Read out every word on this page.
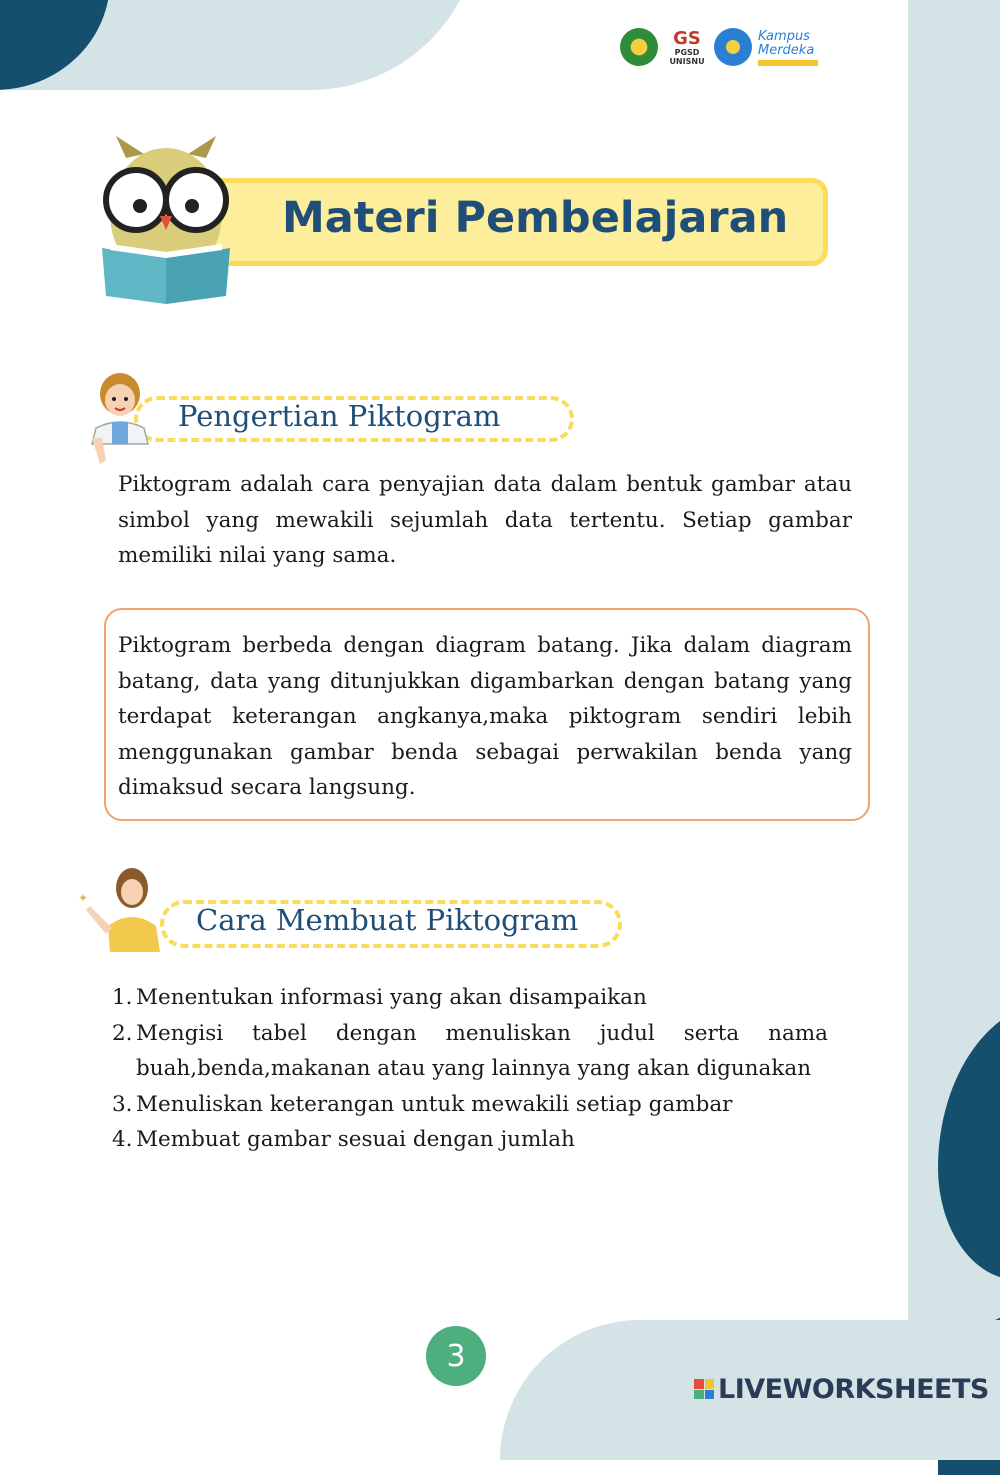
GS
PGSD
UNISNU
Kampus
Merdeka
Materi Pembelajaran
Pengertian Piktogram

Piktogram adalah cara penyajian data dalam bentuk gambar atau simbol yang mewakili sejumlah data tertentu. Setiap gambar memiliki nilai yang sama.

Piktogram berbeda dengan diagram batang. Jika dalam diagram batang, data yang ditunjukkan digambarkan dengan batang yang terdapat keterangan angkanya,maka piktogram sendiri lebih menggunakan gambar benda sebagai perwakilan benda yang dimaksud secara langsung.

Cara Membuat Piktogram
✦
1. Menentukan informasi yang akan disampaikan
2. Mengisi tabel dengan menuliskan judul serta nama buah,benda,makanan atau yang lainnya yang akan digunakan
3. Menuliskan keterangan untuk mewakili setiap gambar
4. Membuat gambar sesuai dengan jumlah
3
LIVEWORKSHEETS
